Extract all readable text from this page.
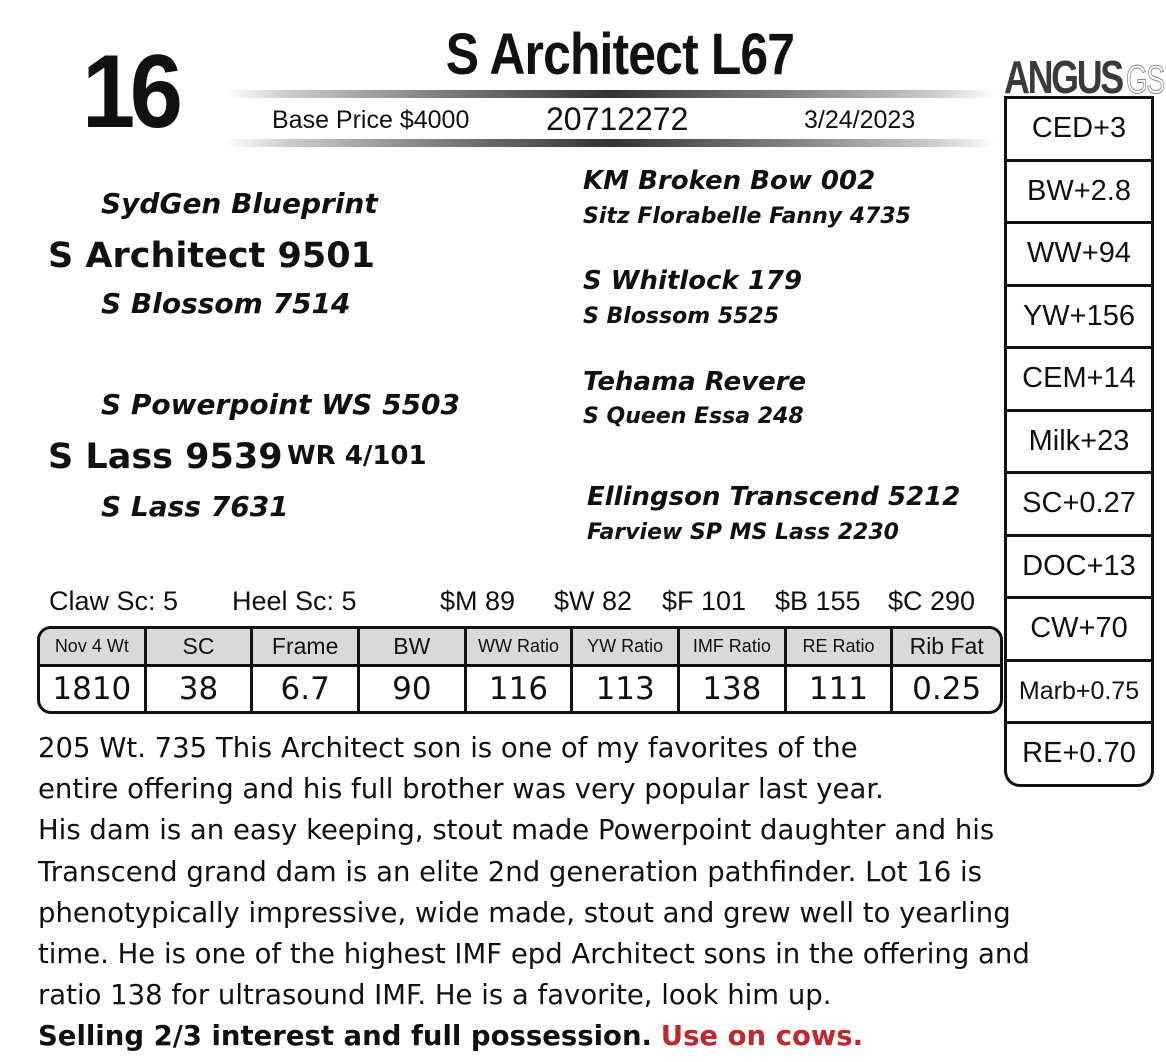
16	S Architect L67
Base Price $4000 20712272	3/24/2023
ANGUS GS
CED+3
BW+2.8
WW+94
YW+156
CEM+14
Milk+23
SC+0.27
DOC+13
CW+70
Marb+0.75
RE+0.70
SydGen Blueprint
S Architect 9501
S Blossom 7514
S Powerpoint WS 5503
S Lass 9539 WR 4/101
S Lass 7631
KM Broken Bow 002
Sitz Florabelle Fanny 4735
S Whitlock 179
S Blossom 5525
Tehama Revere
S Queen Essa 248
Ellingson Transcend 5212
Farview SP MS Lass 2230
Claw Sc: 5 Heel Sc: 5	$M 89 $W 82 $F 101 $B 155 $C 290
Nov 4 Wt	SC	Frame	BW	WW Ratio	YW Ratio	IMF Ratio	RE Ratio	Rib Fat
1810	38	6.7	90	116	113	138	111	0.25
205 Wt. 735 This Architect son is one of my favorites of the
entire offering and his full brother was very popular last year.
His dam is an easy keeping, stout made Powerpoint daughter and his
Transcend grand dam is an elite 2nd generation pathfinder. Lot 16 is
phenotypically impressive, wide made, stout and grew well to yearling
time. He is one of the highest IMF epd Architect sons in the offering and
ratio 138 for ultrasound IMF. He is a favorite, look him up.
Selling 2/3 interest and full possession. Use on cows.
